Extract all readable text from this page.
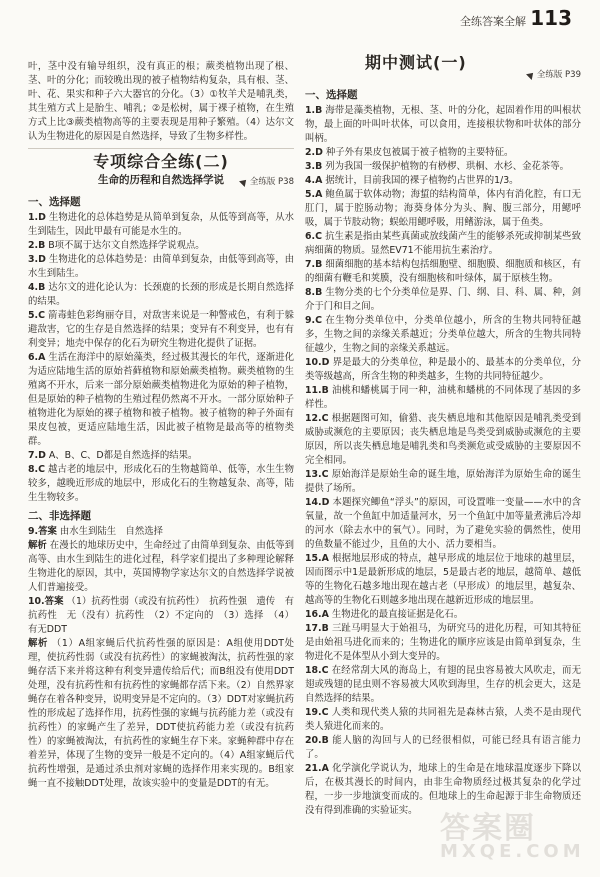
全练答案全解 113

叶，茎中没有输导组织，没有真正的根；蕨类植物出现了根、茎、叶的分化；而较晚出现的被子植物结构复杂，具有根、茎、叶、花、果实和种子六大器官的分化。（3）①牧羊犬是哺乳类，其生殖方式上是胎生、哺乳；②是松树，属于裸子植物，在生殖方式上比③蕨类植物高等的主要表现是用种子繁殖。（4）达尔文认为生物进化的原因是自然选择，导致了生物多样性。

专项综合全练(二)
生命的历程和自然选择学说	全练版 P38
一、选择题

1.D 生物进化的总体趋势是从简单到复杂，从低等到高等，从水生到陆生，因此甲最有可能是水生的。

2.B B项不属于达尔文自然选择学说观点。

3.D 生物进化的总体趋势是：由简单到复杂，由低等到高等，由水生到陆生。

4.B 达尔文的进化论认为：长颈鹿的长颈的形成是长期自然选择的结果。

5.C 箭毒蛙色彩绚丽夺目，对敌害来说是一种警戒色，有利于躲避敌害，它的生存是自然选择的结果；变异有不利变异，也有有利变异；地壳中保存的化石为研究生物进化提供了证据。

6.A 生活在海洋中的原始藻类，经过极其漫长的年代，逐渐进化为适应陆地生活的原始苔藓植物和原始蕨类植物。蕨类植物的生殖离不开水，后来一部分原始蕨类植物进化为原始的种子植物，但是原始的种子植物的生殖过程仍然离不开水。一部分原始种子植物进化为原始的裸子植物和被子植物。被子植物的种子外面有果皮包被，更适应陆地生活，因此被子植物是最高等的植物类群。

7.D A、B、C、D都是自然选择的结果。

8.C 越古老的地层中，形成化石的生物越简单、低等，水生生物较多，越晚近形成的地层中，形成化石的生物越复杂、高等，陆生生物较多。

二、非选择题

9.答案 由水生到陆生　自然选择

解析 在漫长的地球历史中，生命经过了由简单到复杂、由低等到高等、由水生到陆生的进化过程，科学家们提出了多种理论解释生物进化的原因，其中，英国博物学家达尔文的自然选择学说被人们普遍接受。

10.答案 （1）抗药性弱（或没有抗药性）　抗药性强　遗传　有抗药性　无（没有）抗药性　（2）不定向的　（3）选择　（4）有无DDT

解析 （1）A组家蝇后代抗药性强的原因是：A组使用DDT处理，使抗药性弱（或没有抗药性）的家蝇被淘汰，抗药性强的家蝇存活下来并将这种有利变异遗传给后代；而B组没有使用DDT处理，没有抗药性和有抗药性的家蝇都存活下来。（2）自然界家蝇存在着各种变异，说明变异是不定向的。（3）DDT对家蝇抗药性的形成起了选择作用，抗药性强的家蝇与抗药能力差（或没有抗药性）的家蝇产生了差异，DDT使抗药能力差（或没有抗药性）的家蝇被淘汰，有抗药性的家蝇生存下来。家蝇种群中存在着差异，体现了生物的变异一般是不定向的。（4）A组家蝇后代抗药性增强，是通过杀虫剂对家蝇的选择作用来实现的。B组家蝇一直不接触DDT处理，故该实验中的变量是DDT的有无。

期中测试(一)
全练版 P39
一、选择题

1.B 海带是藻类植物，无根、茎、叶的分化，起固着作用的叫根状物，最上面的叶叫叶状体，可以食用，连接根状物和叶状体的部分叫柄。

2.D 种子外有果皮包被属于被子植物的主要特征。

3.B 列为我国一级保护植物的有桫椤、珙桐、水杉、金花茶等。

4.A 据统计，目前我国的裸子植物约占世界的1/3。

5.A 鲍鱼属于软体动物；海蜇的结构简单，体内有消化腔，有口无肛门，属于腔肠动物；海葵身体分为头、胸、腹三部分，用鳃呼吸，属于节肢动物；蜈蚣用鳃呼吸，用鳍游泳，属于鱼类。

6.C 抗生素是指由某些真菌或放线菌产生的能够杀死或抑制某些致病细菌的物质。显然EV71不能用抗生素治疗。

7.B 细菌细胞的基本结构包括细胞壁、细胞膜、细胞质和核区，有的细菌有鞭毛和荚膜，没有细胞核和叶绿体，属于原核生物。

8.B 生物分类的七个分类单位是界、门、纲、目、科、属、种，剑介于门和目之间。

9.C 在生物分类单位中，分类单位越小，所含的生物共同特征越多，生物之间的亲缘关系越近；分类单位越大，所含的生物共同特征越少，生物之间的亲缘关系越远。

10.D 界是最大的分类单位，种是最小的、最基本的分类单位，分类等级越高，所含生物的种类越多，生物的共同特征越少。

11.B 油桃和蟠桃属于同一种，油桃和蟠桃的不同体现了基因的多样性。

12.C 根据题图可知，偷猎、丧失栖息地和其他原因是哺乳类受到威胁或濒危的主要原因；丧失栖息地是鸟类受到威胁或濒危的主要原因，所以丧失栖息地是哺乳类和鸟类濒危或受威胁的主要原因不完全相同。

13.C 原始海洋是原始生命的诞生地，原始海洋为原始生命的诞生提供了场所。

14.D 本题探究鲫鱼“浮头”的原因，可设置唯一变量——水中的含氧量，故一个鱼缸中加适量河水，另一个鱼缸中加等量煮沸后冷却的河水（除去水中的氧气）。同时，为了避免实验的偶然性，使用的鱼数量不能过少，且鱼的大小、活力要相当。

15.A 根据地层形成的特点，越早形成的地层位于地球的越里层，因而图示中1是最新形成的地层，5是最古老的地层，越简单、越低等的生物化石越多地出现在越古老（早形成）的地层里，越复杂、越高等的生物化石则越多地出现在越新近形成的地层里。

16.A 生物进化的最直接证据是化石。

17.B 三趾马明显大于始祖马，为研究马的进化历程，可知其特征是由始祖马进化而来的；生物进化的顺序应该是由简单到复杂，生物进化不是体型从小到大变异的。

18.C 在经常刮大风的海岛上，有翅的昆虫容易被大风吹走，而无翅或残翅的昆虫则不容易被大风吹到海里，生存的机会更大，这是自然选择的结果。

19.C 人类和现代类人猿的共同祖先是森林古猿，人类不是由现代类人猿进化而来的。

20.B 能人脑的沟回与人的已经很相似，可能已经具有语言能力了。

21.A 化学演化学说认为，地球上的生命是在地球温度逐步下降以后，在极其漫长的时间内，由非生命物质经过极其复杂的化学过程，一步一步地演变而成的。但地球上的生命起源于非生命物质还没有得到准确的实验证实。

答案圈
MXQE.COM
